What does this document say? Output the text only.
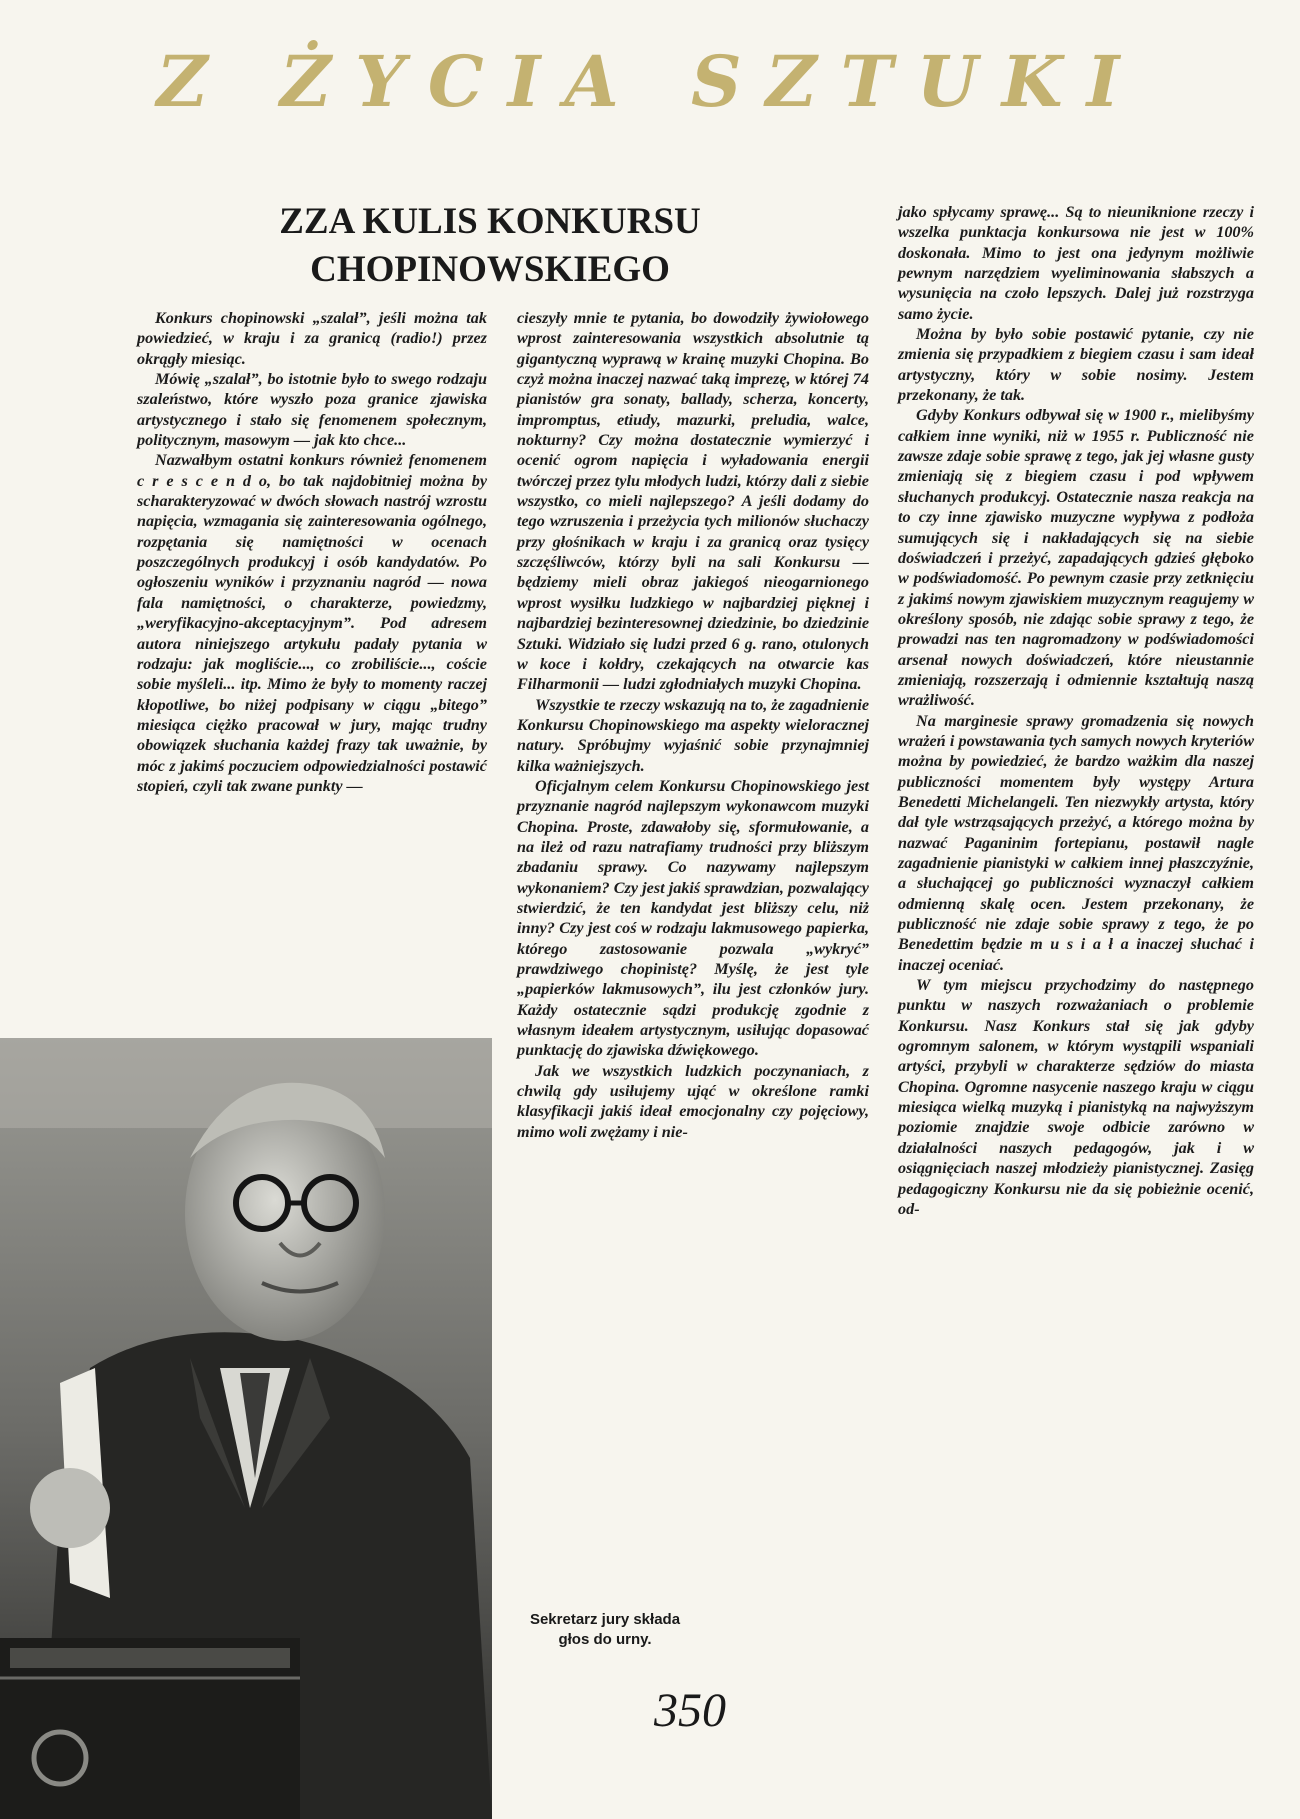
Z ŻYCIA SZTUKI
ZZA KULIS KONKURSU
CHOPINOWSKIEGO

Konkurs chopinowski „szalał”, jeśli można tak powiedzieć, w kraju i za granicą (radio!) przez okrągły miesiąc.

Mówię „szalał”, bo istotnie było to swego rodzaju szaleństwo, które wyszło poza granice zjawiska artystycznego i stało się fenomenem społecznym, politycznym, masowym — jak kto chce...

Nazwałbym ostatni konkurs również fenomenem c r e s c e n d o, bo tak najdobitniej można by scharakteryzować w dwóch słowach nastrój wzrostu napięcia, wzmagania się zainteresowania ogólnego, rozpętania się namiętności w ocenach poszczególnych produkcyj i osób kandydatów. Po ogłoszeniu wyników i przyznaniu nagród — nowa fala namiętności, o charakterze, powiedzmy, „weryfikacyjno-akceptacyjnym”. Pod adresem autora niniejszego artykułu padały pytania w rodzaju: jak mogliście..., co zrobiliście..., coście sobie myśleli... itp. Mimo że były to momenty raczej kłopotliwe, bo niżej podpisany w ciągu „bitego” miesiąca ciężko pracował w jury, mając trudny obowiązek słuchania każdej frazy tak uważnie, by móc z jakimś poczuciem odpowiedzialności postawić stopień, czyli tak zwane punkty —

cieszyły mnie te pytania, bo dowodziły żywiołowego wprost zainteresowania wszystkich absolutnie tą gigantyczną wyprawą w krainę muzyki Chopina. Bo czyż można inaczej nazwać taką imprezę, w której 74 pianistów gra sonaty, ballady, scherza, koncerty, impromptus, etiudy, mazurki, preludia, walce, nokturny? Czy można dostatecznie wymierzyć i ocenić ogrom napięcia i wyładowania energii twórczej przez tylu młodych ludzi, którzy dali z siebie wszystko, co mieli najlepszego? A jeśli dodamy do tego wzruszenia i przeżycia tych milionów słuchaczy przy głośnikach w kraju i za granicą oraz tysięcy szczęśliwców, którzy byli na sali Konkursu — będziemy mieli obraz jakiegoś nieogarnionego wprost wysiłku ludzkiego w najbardziej pięknej i najbardziej bezinteresownej dziedzinie, bo dziedzinie Sztuki. Widziało się ludzi przed 6 g. rano, otulonych w koce i kołdry, czekających na otwarcie kas Filharmonii — ludzi zgłodniałych muzyki Chopina.

Wszystkie te rzeczy wskazują na to, że zagadnienie Konkursu Chopinowskiego ma aspekty wieloracznej natury. Spróbujmy wyjaśnić sobie przynajmniej kilka ważniejszych.

Oficjalnym celem Konkursu Chopinowskiego jest przyznanie nagród najlepszym wykonawcom muzyki Chopina. Proste, zdawałoby się, sformułowanie, a na ileż od razu natrafiamy trudności przy bliższym zbadaniu sprawy. Co nazywamy najlepszym wykonaniem? Czy jest jakiś sprawdzian, pozwalający stwierdzić, że ten kandydat jest bliższy celu, niż inny? Czy jest coś w rodzaju lakmusowego papierka, którego zastosowanie pozwala „wykryć” prawdziwego chopinistę? Myślę, że jest tyle „papierków lakmusowych”, ilu jest członków jury. Każdy ostatecznie sądzi produkcję zgodnie z własnym ideałem artystycznym, usiłując dopasować punktację do zjawiska dźwiękowego.

Jak we wszystkich ludzkich poczynaniach, z chwilą gdy usiłujemy ująć w określone ramki klasyfikacji jakiś ideał emocjonalny czy pojęciowy, mimo woli zwężamy i nie-

jako spłycamy sprawę... Są to nieuniknione rzeczy i wszelka punktacja konkursowa nie jest w 100% doskonała. Mimo to jest ona jedynym możliwie pewnym narzędziem wyeliminowania słabszych a wysunięcia na czoło lepszych. Dalej już rozstrzyga samo życie.

Można by było sobie postawić pytanie, czy nie zmienia się przypadkiem z biegiem czasu i sam ideał artystyczny, który w sobie nosimy. Jestem przekonany, że tak.

Gdyby Konkurs odbywał się w 1900 r., mielibyśmy całkiem inne wyniki, niż w 1955 r. Publiczność nie zawsze zdaje sobie sprawę z tego, jak jej własne gusty zmieniają się z biegiem czasu i pod wpływem słuchanych produkcyj. Ostatecznie nasza reakcja na to czy inne zjawisko muzyczne wypływa z podłoża sumujących się i nakładających się na siebie doświadczeń i przeżyć, zapadających gdzieś głęboko w podświadomość. Po pewnym czasie przy zetknięciu z jakimś nowym zjawiskiem muzycznym reagujemy w określony sposób, nie zdając sobie sprawy z tego, że prowadzi nas ten nagromadzony w podświadomości arsenał nowych doświadczeń, które nieustannie zmieniają, rozszerzają i odmiennie kształtują naszą wrażliwość.

Na marginesie sprawy gromadzenia się nowych wrażeń i powstawania tych samych nowych kryteriów można by powiedzieć, że bardzo ważkim dla naszej publiczności momentem były występy Artura Benedetti Michelangeli. Ten niezwykły artysta, który dał tyle wstrząsających przeżyć, a którego można by nazwać Paganinim fortepianu, postawił nagle zagadnienie pianistyki w całkiem innej płaszczyźnie, a słuchającej go publiczności wyznaczył całkiem odmienną skalę ocen. Jestem przekonany, że publiczność nie zdaje sobie sprawy z tego, że po Benedettim będzie m u s i a ł a inaczej słuchać i inaczej oceniać.

W tym miejscu przychodzimy do następnego punktu w naszych rozważaniach o problemie Konkursu. Nasz Konkurs stał się jak gdyby ogromnym salonem, w którym wystąpili wspaniali artyści, przybyli w charakterze sędziów do miasta Chopina. Ogromne nasycenie naszego kraju w ciągu miesiąca wielką muzyką i pianistyką na najwyższym poziomie znajdzie swoje odbicie zarówno w działalności naszych pedagogów, jak i w osiągnięciach naszej młodzieży pianistycznej. Zasięg pedagogiczny Konkursu nie da się pobieżnie ocenić, od-

Sekretarz jury składa
głos do urny.
350
